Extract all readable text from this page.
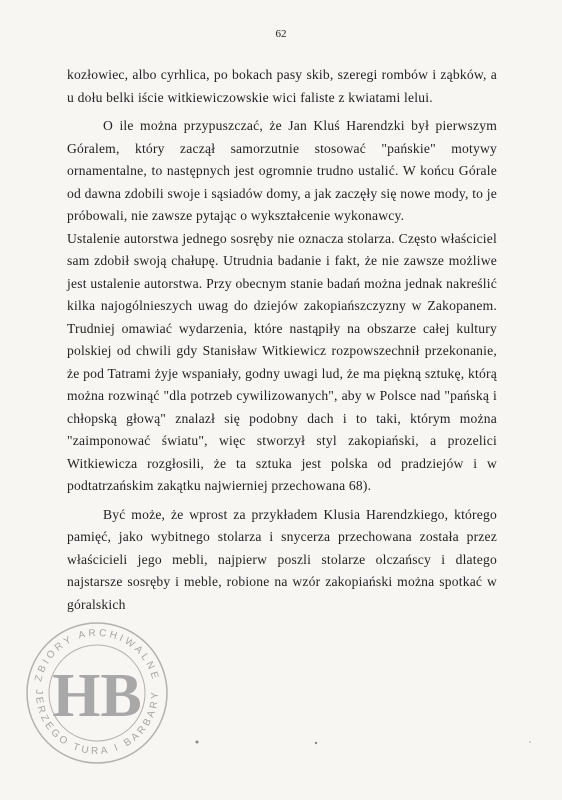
62

kozłowiec, albo cyrhlica, po bokach pasy skib, szeregi rombów i ząbków, a u dołu belki iście witkiewiczowskie wici faliste z kwiatami lelui.

O ile można przypuszczać, że Jan Kluś Harendzki był pierwszym Góralem, który zaczął samorzutnie stosować "pańskie" motywy ornamentalne, to następnych jest ogromnie trudno ustalić. W końcu Górale od dawna zdobili swoje i sąsiadów domy, a jak zaczęły się nowe mody, to je próbowali, nie zawsze pytając o wykształcenie wykonawcy.

Ustalenie autorstwa jednego sosręby nie oznacza stolarza. Często właściciel sam zdobił swoją chałupę. Utrudnia badanie i fakt, że nie zawsze możliwe jest ustalenie autorstwa. Przy obecnym stanie badań można jednak nakreślić kilka najogólnieszych uwag do dziejów zakopiańszczyzny w Zakopanem. Trudniej omawiać wydarzenia, które nastąpiły na obszarze całej kultury polskiej od chwili gdy Stanisław Witkiewicz rozpowszechnił przekonanie, że pod Tatrami żyje wspaniały, godny uwagi lud, że ma piękną sztukę, którą można rozwinąć "dla potrzeb cywilizowanych", aby w Polsce nad "pańską i chłopską głową" znalazł się podobny dach i to taki, którym można "zaimponować światu", więc stworzył styl zakopiański, a prozelici Witkiewicza rozgłosili, że ta sztuka jest polska od pradziejów i w podtatrzańskim zakątku najwierniej przechowana 68).

Być może, że wprost za przykładem Klusia Harendzkiego, którego pamięć, jako wybitnego stolarza i snycerza przechowana została przez właścicieli jego mebli, najpierw poszli stolarze olczańscy i dlatego najstarsze sosręby i meble, robione na wzór zakopiański można spotkać w góralskich

ZBIORY ARCHIWALNE
JERZEGO TURA I BARBARY
HB
